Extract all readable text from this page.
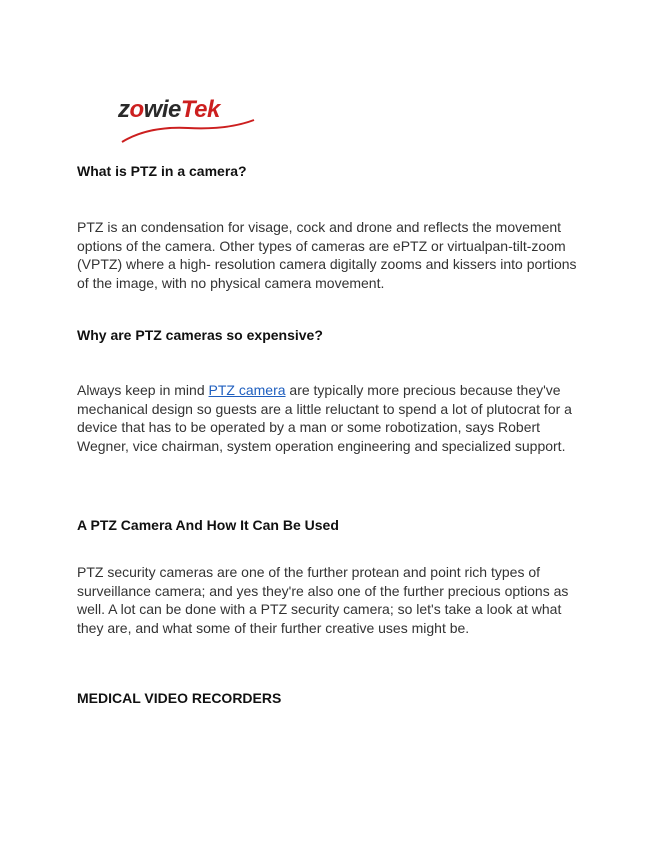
zowieTek
What is PTZ in a camera?

PTZ is an condensation for visage, cock and drone and reflects the movement options of the camera. Other types of cameras are ePTZ or virtualpan-tilt-zoom (VPTZ) where a high- resolution camera digitally zooms and kissers into portions of the image, with no physical camera movement.

Why are PTZ cameras so expensive?

Always keep in mind PTZ camera are typically more precious because they've mechanical design so guests are a little reluctant to spend a lot of plutocrat for a device that has to be operated by a man or some robotization, says Robert Wegner, vice chairman, system operation engineering and specialized support.

A PTZ Camera And How It Can Be Used

PTZ security cameras are one of the further protean and point rich types of surveillance camera; and yes they're also one of the further precious options as well. A lot can be done with a PTZ security camera; so let's take a look at what they are, and what some of their further creative uses might be.

MEDICAL VIDEO RECORDERS
